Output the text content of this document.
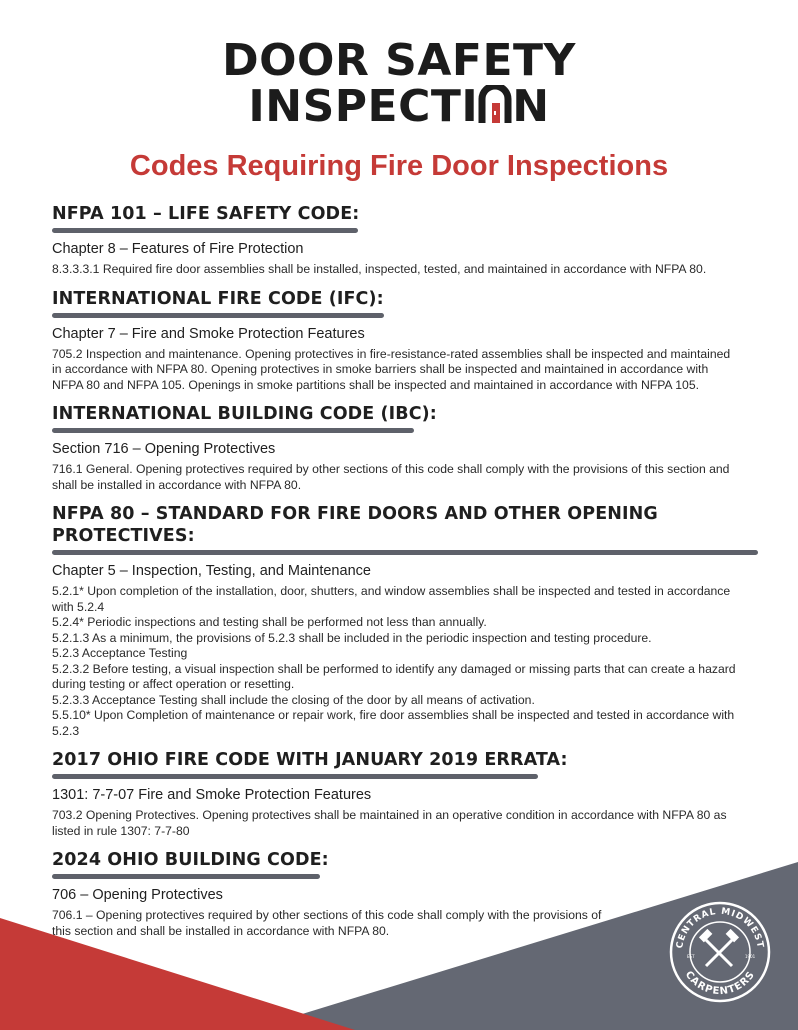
DOOR SAFETY
INSPECTI N
Codes Requiring Fire Door Inspections
NFPA 101 – LIFE SAFETY CODE:
Chapter 8 – Features of Fire Protection
8.3.3.3.1 Required fire door assemblies shall be installed, inspected, tested, and maintained in accordance with NFPA 80.
INTERNATIONAL FIRE CODE (IFC):
Chapter 7 – Fire and Smoke Protection Features
705.2 Inspection and maintenance. Opening protectives in fire-resistance-rated assemblies shall be inspected and maintained
in accordance with NFPA 80. Opening protectives in smoke barriers shall be inspected and maintained in accordance with
NFPA 80 and NFPA 105. Openings in smoke partitions shall be inspected and maintained in accordance with NFPA 105.
INTERNATIONAL BUILDING CODE (IBC):
Section 716 – Opening Protectives
716.1 General. Opening protectives required by other sections of this code shall comply with the provisions of this section and
shall be installed in accordance with NFPA 80.
NFPA 80 – STANDARD FOR FIRE DOORS AND OTHER OPENING PROTECTIVES:
Chapter 5 – Inspection, Testing, and Maintenance
5.2.1* Upon completion of the installation, door, shutters, and window assemblies shall be inspected and tested in accordance
with 5.2.4
5.2.4* Periodic inspections and testing shall be performed not less than annually.
5.2.1.3 As a minimum, the provisions of 5.2.3 shall be included in the periodic inspection and testing procedure.
5.2.3 Acceptance Testing
5.2.3.2 Before testing, a visual inspection shall be performed to identify any damaged or missing parts that can create a hazard
during testing or affect operation or resetting.
5.2.3.3 Acceptance Testing shall include the closing of the door by all means of activation.
5.5.10* Upon Completion of maintenance or repair work, fire door assemblies shall be inspected and tested in accordance with
5.2.3
2017 OHIO FIRE CODE WITH JANUARY 2019 ERRATA:
1301: 7-7-07 Fire and Smoke Protection Features
703.2 Opening Protectives. Opening protectives shall be maintained in an operative condition in accordance with NFPA 80 as
listed in rule 1307: 7-7-80
2024 OHIO BUILDING CODE:
706 – Opening Protectives
706.1 – Opening protectives required by other sections of this code shall comply with the provisions of
this section and shall be installed in accordance with NFPA 80.
CENTRAL MIDWEST
CARPENTERS
EST	1901
